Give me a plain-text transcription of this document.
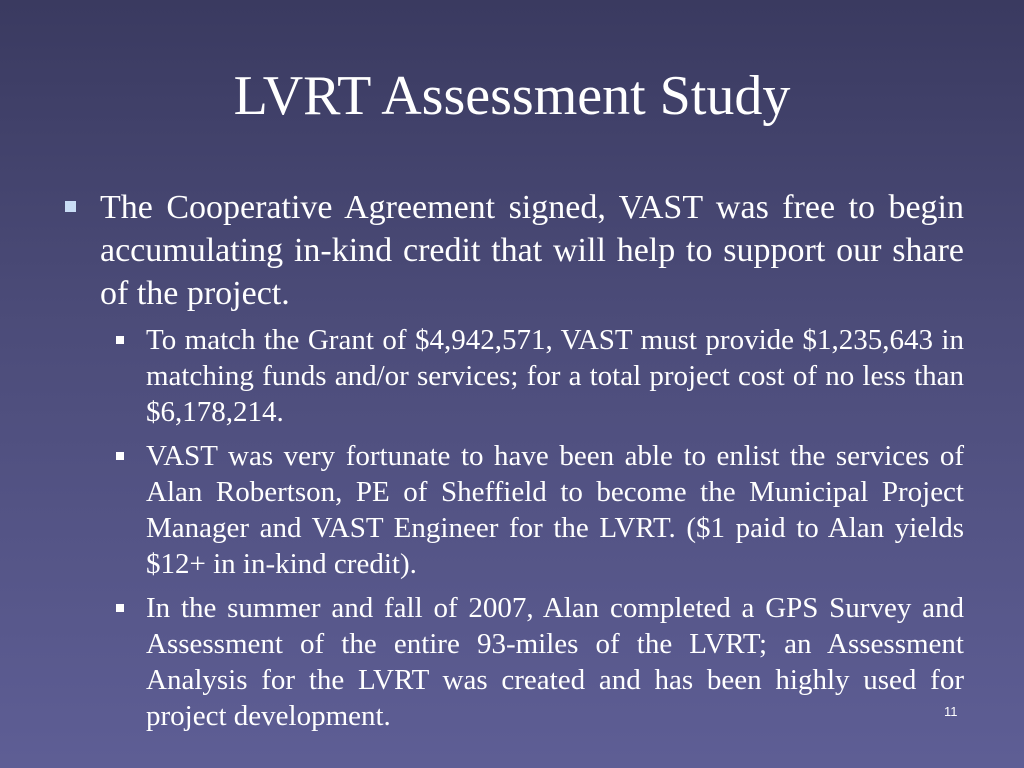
LVRT Assessment Study
The Cooperative Agreement signed, VAST was free to begin accumulating in-kind credit that will help to support our share of the project.
To match the Grant of $4,942,571, VAST must provide $1,235,643 in matching funds and/or services; for a total project cost of no less than $6,178,214.
VAST was very fortunate to have been able to enlist the services of Alan Robertson, PE of Sheffield to become the Municipal Project Manager and VAST Engineer for the LVRT. ($1 paid to Alan yields $12+ in in-kind credit).
In the summer and fall of 2007, Alan completed a GPS Survey and Assessment of the entire 93-miles of the LVRT; an Assessment Analysis for the LVRT was created and has been highly used for project development.	11
